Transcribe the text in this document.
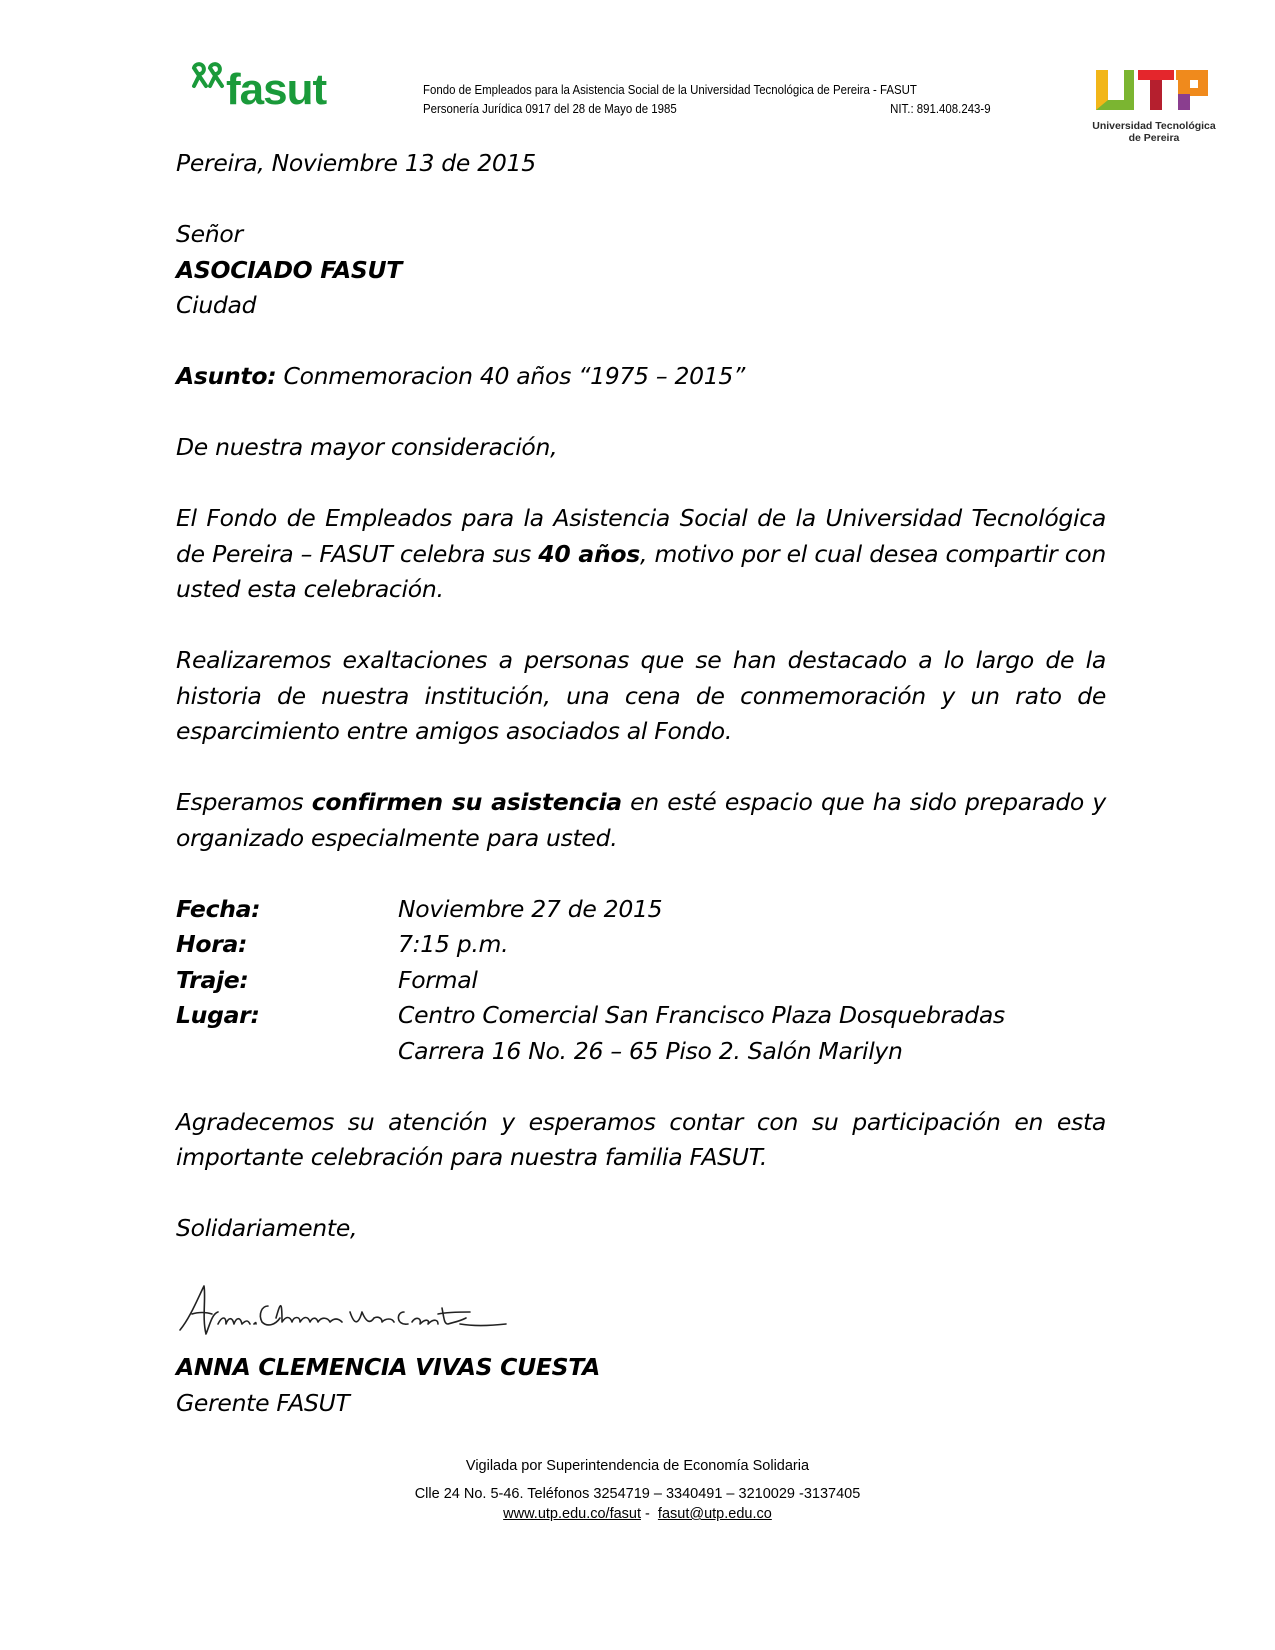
fasut	Fondo de Empleados para la Asistencia Social de la Universidad Tecnológica de Pereira - FASUT
Personería Jurídica 0917 del 28 de Mayo de 1985	NIT.: 891.408.243-9
Universidad Tecnológica
de Pereira

Pereira, Noviembre 13 de 2015

Señor

ASOCIADO FASUT

Ciudad

Asunto: Conmemoracion 40 años “1975 – 2015”

De nuestra mayor consideración,

El Fondo de Empleados para la Asistencia Social de la Universidad Tecnológica de Pereira – FASUT celebra sus 40 años, motivo por el cual desea compartir con usted esta celebración.

Realizaremos exaltaciones a personas que se han destacado a lo largo de la historia de nuestra institución, una cena de conmemoración y un rato de esparcimiento entre amigos asociados al Fondo.

Esperamos confirmen su asistencia en esté espacio que ha sido preparado y organizado especialmente para usted.

Fecha:	Noviembre 27 de 2015
Hora:	7:15 p.m.
Traje:	Formal
Lugar:	Centro Comercial San Francisco Plaza Dosquebradas
Carrera 16 No. 26 – 65 Piso 2. Salón Marilyn

Agradecemos su atención y esperamos contar con su participación en esta importante celebración para nuestra familia FASUT.

Solidariamente,

ANNA CLEMENCIA VIVAS CUESTA
Gerente FASUT
Vigilada por Superintendencia de Economía Solidaria
Clle 24 No. 5-46. Teléfonos 3254719 – 3340491 – 3210029 -3137405
www.utp.edu.co/fasut -  fasut@utp.edu.co
